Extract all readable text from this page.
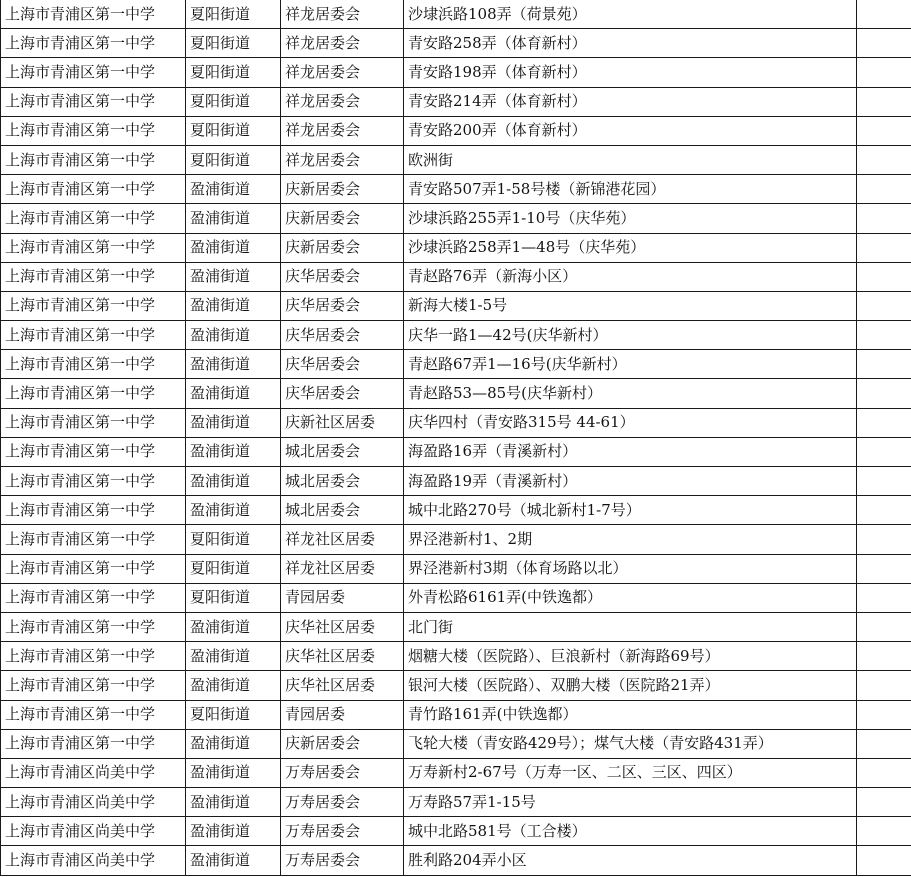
上海市青浦区第一中学	夏阳街道	祥龙居委会	沙埭浜路108弄（荷景苑）	
上海市青浦区第一中学	夏阳街道	祥龙居委会	青安路258弄（体育新村）	
上海市青浦区第一中学	夏阳街道	祥龙居委会	青安路198弄（体育新村）	
上海市青浦区第一中学	夏阳街道	祥龙居委会	青安路214弄（体育新村）	
上海市青浦区第一中学	夏阳街道	祥龙居委会	青安路200弄（体育新村）	
上海市青浦区第一中学	夏阳街道	祥龙居委会	欧洲街	
上海市青浦区第一中学	盈浦街道	庆新居委会	青安路507弄1-58号楼（新锦港花园）	
上海市青浦区第一中学	盈浦街道	庆新居委会	沙埭浜路255弄1-10号（庆华苑）	
上海市青浦区第一中学	盈浦街道	庆新居委会	沙埭浜路258弄1—48号（庆华苑）	
上海市青浦区第一中学	盈浦街道	庆华居委会	青赵路76弄（新海小区）	
上海市青浦区第一中学	盈浦街道	庆华居委会	新海大楼1-5号	
上海市青浦区第一中学	盈浦街道	庆华居委会	庆华一路1—42号(庆华新村）	
上海市青浦区第一中学	盈浦街道	庆华居委会	青赵路67弄1—16号(庆华新村）	
上海市青浦区第一中学	盈浦街道	庆华居委会	青赵路53—85号(庆华新村）	
上海市青浦区第一中学	盈浦街道	庆新社区居委	庆华四村（青安路315号 44-61）	
上海市青浦区第一中学	盈浦街道	城北居委会	海盈路16弄（青溪新村）	
上海市青浦区第一中学	盈浦街道	城北居委会	海盈路19弄（青溪新村）	
上海市青浦区第一中学	盈浦街道	城北居委会	城中北路270号（城北新村1-7号）	
上海市青浦区第一中学	夏阳街道	祥龙社区居委	界泾港新村1、2期	
上海市青浦区第一中学	夏阳街道	祥龙社区居委	界泾港新村3期（体育场路以北）	
上海市青浦区第一中学	夏阳街道	青园居委	外青松路6161弄(中铁逸都）	
上海市青浦区第一中学	盈浦街道	庆华社区居委	北门街	
上海市青浦区第一中学	盈浦街道	庆华社区居委	烟糖大楼（医院路）、巨浪新村（新海路69号）	
上海市青浦区第一中学	盈浦街道	庆华社区居委	银河大楼（医院路）、双鹏大楼（医院路21弄）	
上海市青浦区第一中学	夏阳街道	青园居委	青竹路161弄(中铁逸都）	
上海市青浦区第一中学	盈浦街道	庆新居委会	飞轮大楼（青安路429号）；煤气大楼（青安路431弄）	
上海市青浦区尚美中学	盈浦街道	万寿居委会	万寿新村2-67号（万寿一区、二区、三区、四区）	
上海市青浦区尚美中学	盈浦街道	万寿居委会	万寿路57弄1-15号	
上海市青浦区尚美中学	盈浦街道	万寿居委会	城中北路581号（工合楼）	
上海市青浦区尚美中学	盈浦街道	万寿居委会	胜利路204弄小区	
